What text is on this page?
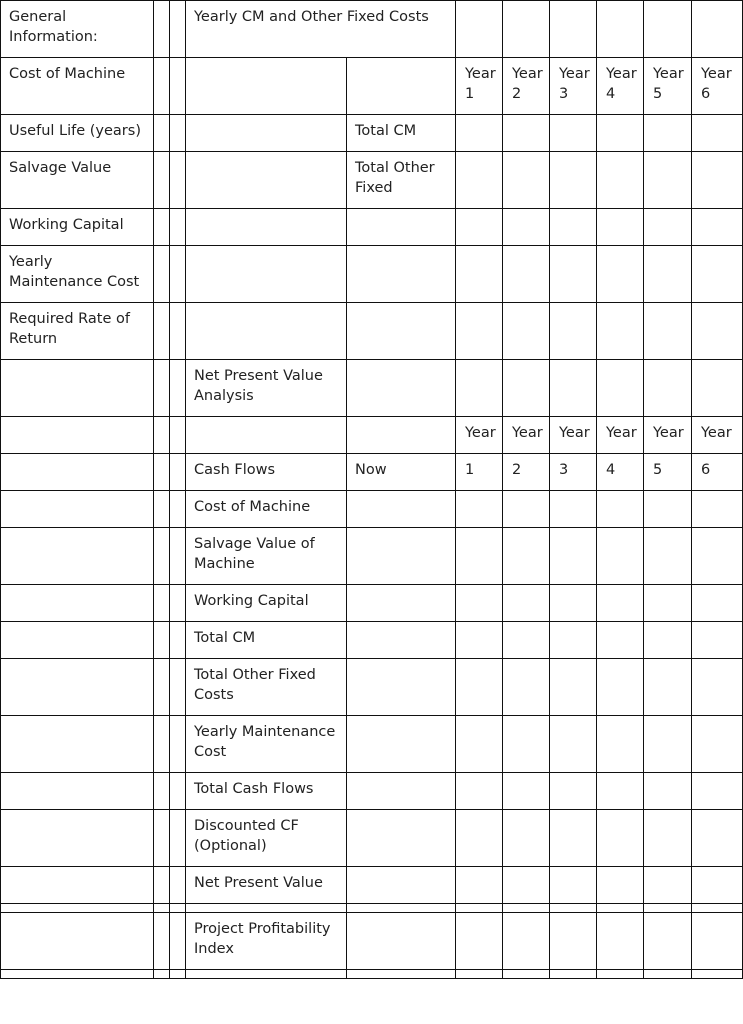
General Information:			Yearly CM and Other Fixed Costs							
Cost of Machine					Year 1	Year 2	Year 3	Year 4	Year 5	Year 6
Useful Life (years)				Total CM						
Salvage Value				Total Other Fixed						
Working Capital										
Yearly Maintenance Cost										
Required Rate of Return										
			Net Present Value Analysis							
					Year	Year	Year	Year	Year	Year
			Cash Flows	Now	1	2	3	4	5	6
			Cost of Machine							
			Salvage Value of Machine							
			Working Capital							
			Total CM							
			Total Other Fixed Costs							
			Yearly Maintenance Cost							
			Total Cash Flows							
			Discounted CF (Optional)							
			Net Present Value							

			Project Profitability Index							
